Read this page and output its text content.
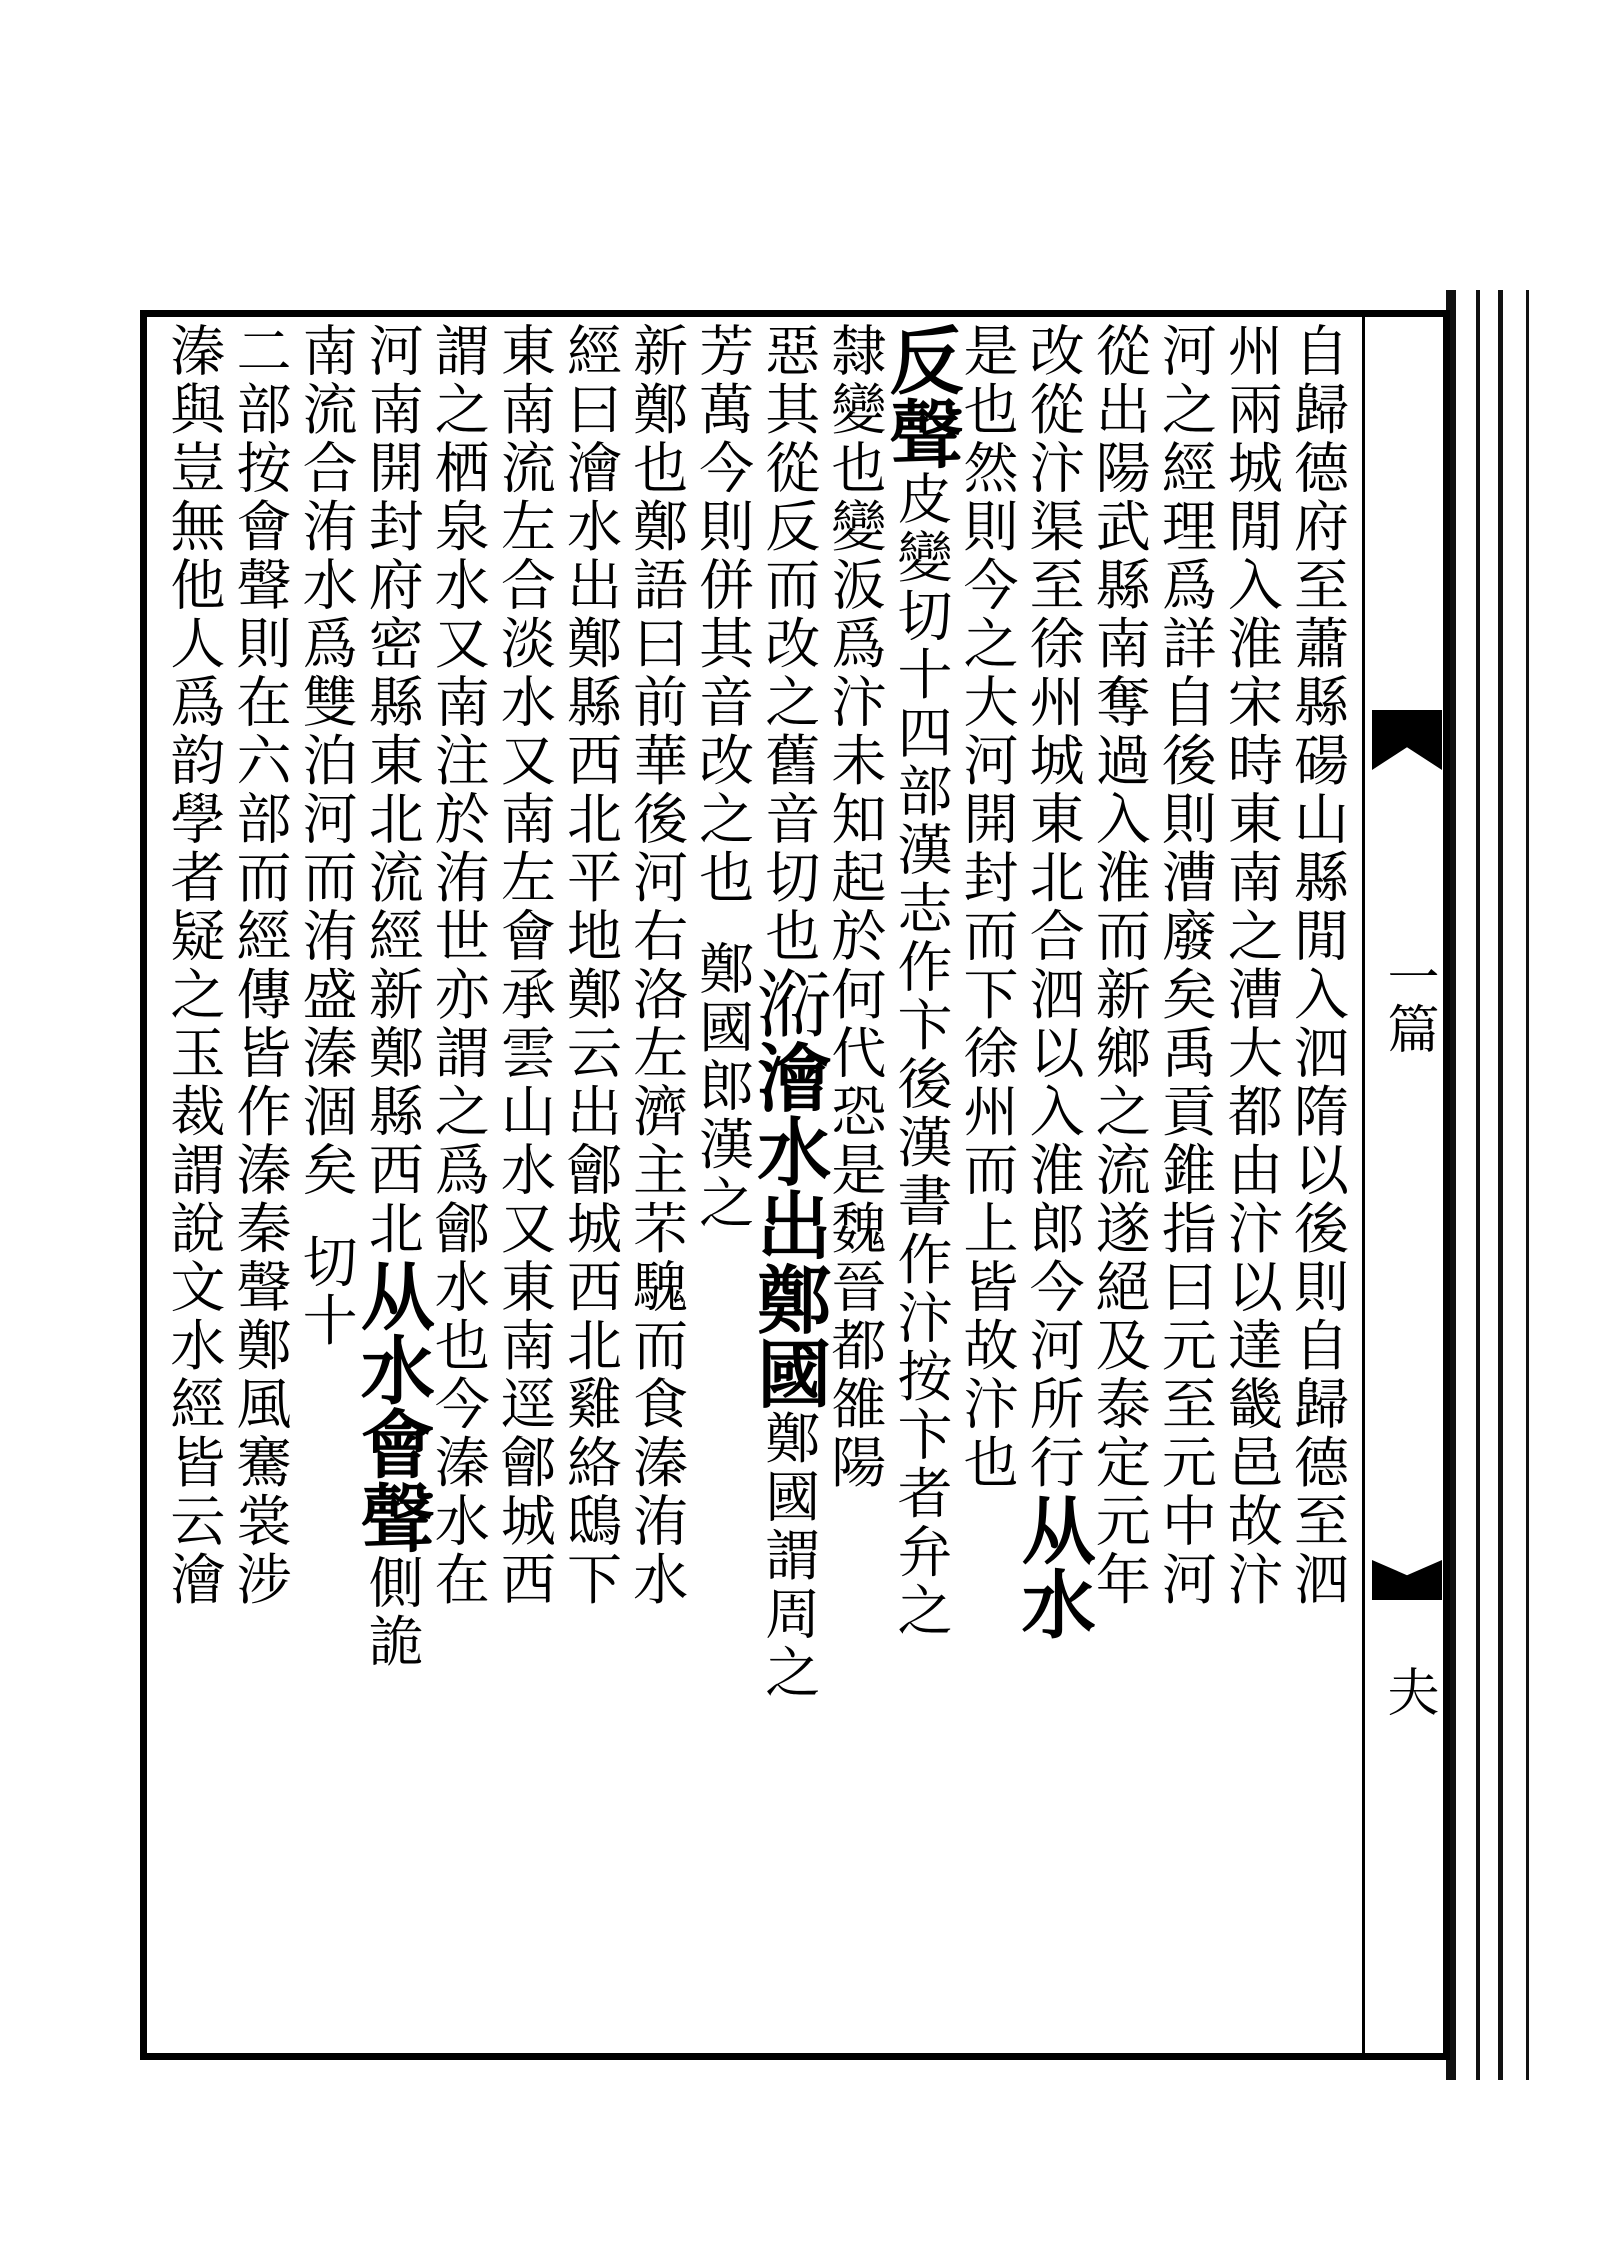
一篇
夫
自歸德府至蕭縣碭山縣閒入泗隋以後則自歸德至泗
州兩城閒入淮宋時東南之漕大都由汴以達畿邑故汴
河之經理爲詳自後則漕廢矣禹貢錐指曰元至元中河
從出陽武縣南奪過入淮而新鄉之流遂絕及泰定元年
改從汴渠至徐州城東北合泗以入淮郎今河所行从水
是也然則今之大河開封而下徐州而上皆故汴也
反聲皮變切十四部漢志作卞後漢書作汴按卞者弁之
隸變也變汳爲汴未知起於何代恐是魏晉都雒陽
惡其從反而改之舊音切也𣶹澮水出鄭國鄭國謂周之
芳萬今則併其音改之也鄭國郎漢之
新鄭也鄭語曰前華後河右洛左濟主芣騩而食溱洧水
經曰澮水出鄭縣西北平地鄭云出鄶城西北雞絡鴟下
東南流左合淡水又南左會承雲山水又東南逕鄶城西
謂之栖泉水又南注於洧世亦謂之爲鄶水也今溱水在
河南開封府密縣東北流經新鄭縣西北从水會聲側詭
南流合洧水爲雙泊河而洧盛溱涸矣切十
二部按會聲則在六部而經傳皆作溱秦聲鄭風騫裳涉
溱與豈無他人爲韵學者疑之玉裁謂說文水經皆云澮
